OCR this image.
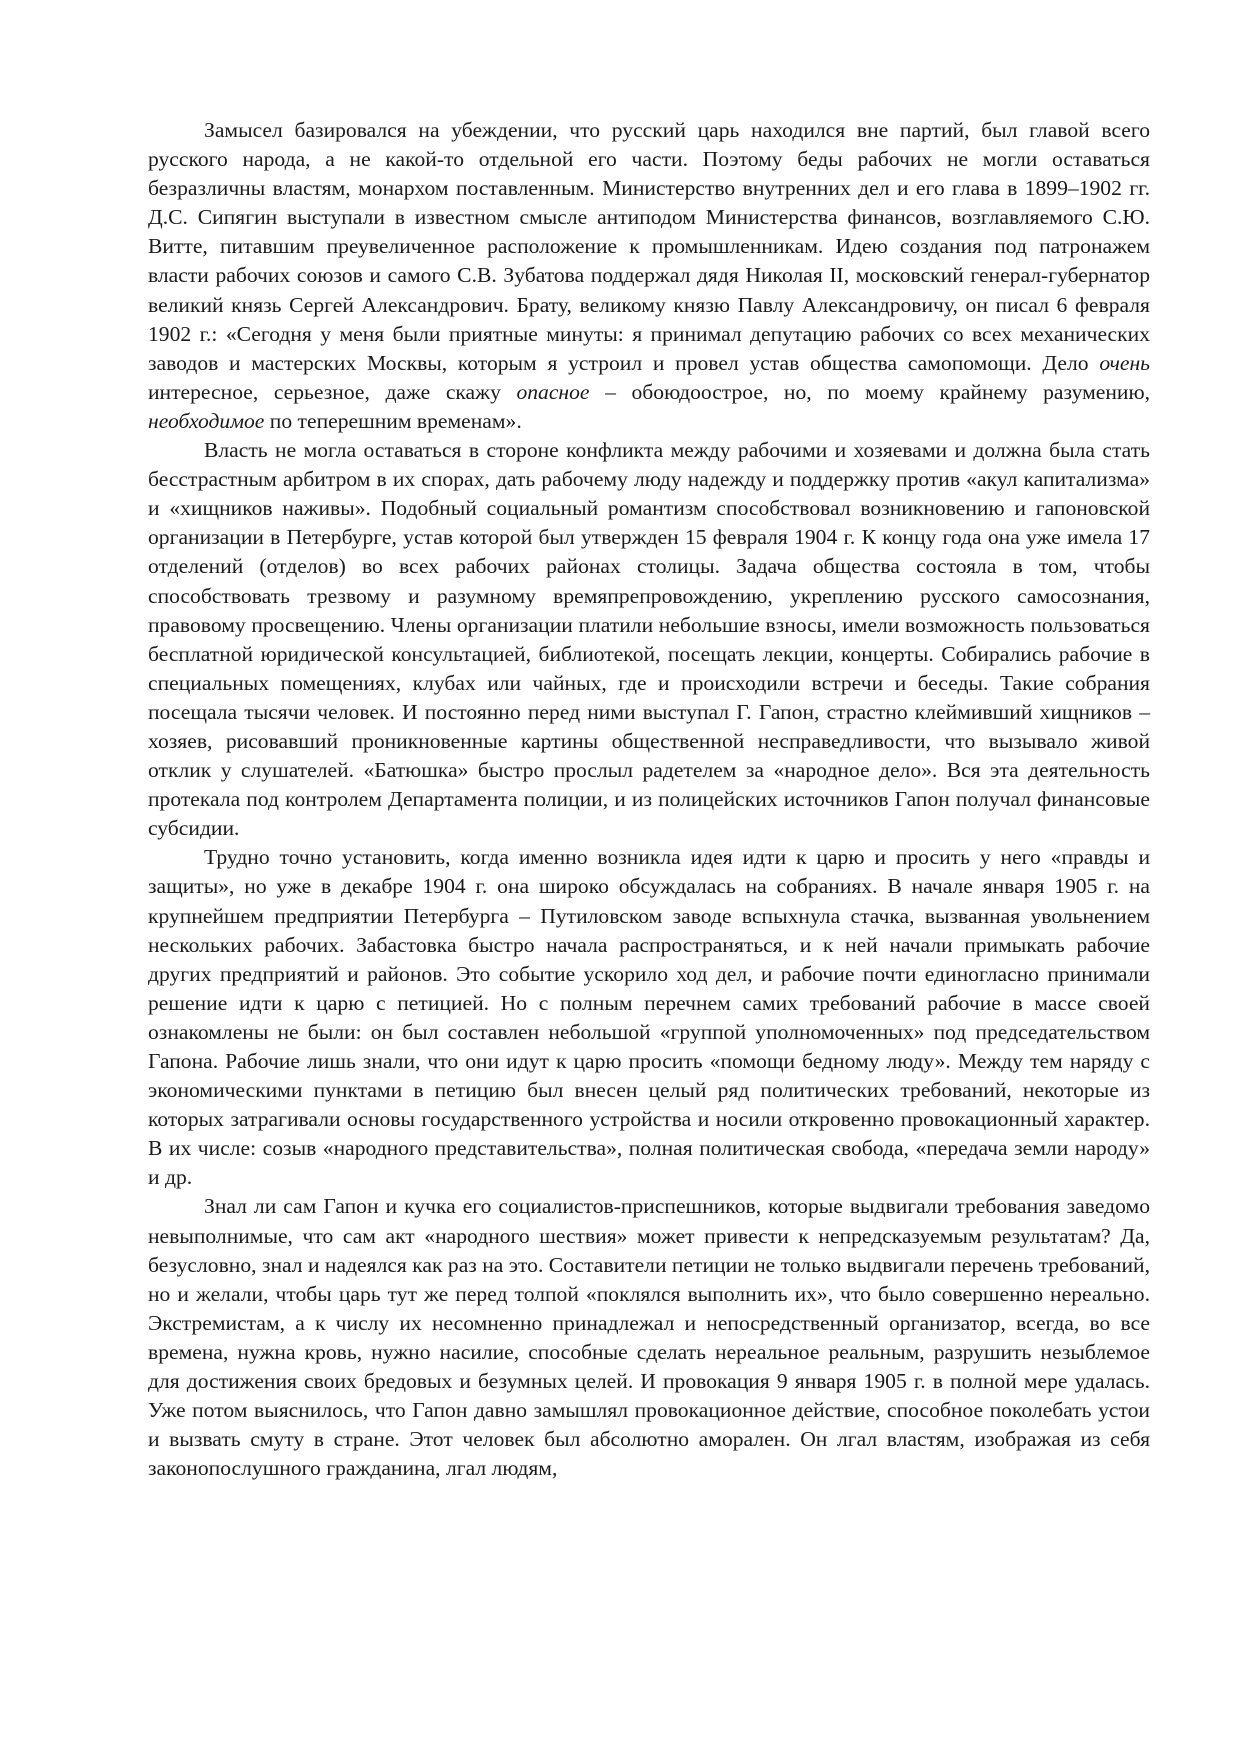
Замысел базировался на убеждении, что русский царь находился вне партий, был главой всего русского народа, а не какой-то отдельной его части. Поэтому беды рабочих не могли оставаться безразличны властям, монархом поставленным. Министерство внутренних дел и его глава в 1899–1902 гг. Д.С. Сипягин выступали в известном смысле антиподом Министерства финансов, возглавляемого С.Ю. Витте, питавшим преувеличенное расположение к промышленникам. Идею создания под патронажем власти рабочих союзов и самого С.В. Зубатова поддержал дядя Николая II, московский генерал-губернатор великий князь Сергей Александрович. Брату, великому князю Павлу Александровичу, он писал 6 февраля 1902 г.: «Сегодня у меня были приятные минуты: я принимал депутацию рабочих со всех механических заводов и мастерских Москвы, которым я устроил и провел устав общества самопомощи. Дело очень интересное, серьезное, даже скажу опасное – обоюдоострое, но, по моему крайнему разумению, необходимое по теперешним временам».

Власть не могла оставаться в стороне конфликта между рабочими и хозяевами и должна была стать бесстрастным арбитром в их спорах, дать рабочему люду надежду и поддержку против «акул капитализма» и «хищников наживы». Подобный социальный романтизм способствовал возникновению и гапоновской организации в Петербурге, устав которой был утвержден 15 февраля 1904 г. К концу года она уже имела 17 отделений (отделов) во всех рабочих районах столицы. Задача общества состояла в том, чтобы способствовать трезвому и разумному времяпрепровождению, укреплению русского самосознания, правовому просвещению. Члены организации платили небольшие взносы, имели возможность пользоваться бесплатной юридической консультацией, библиотекой, посещать лекции, концерты. Собирались рабочие в специальных помещениях, клубах или чайных, где и происходили встречи и беседы. Такие собрания посещала тысячи человек. И постоянно перед ними выступал Г. Гапон, страстно клеймивший хищников – хозяев, рисовавший проникновенные картины общественной несправедливости, что вызывало живой отклик у слушателей. «Батюшка» быстро прослыл радетелем за «народное дело». Вся эта деятельность протекала под контролем Департамента полиции, и из полицейских источников Гапон получал финансовые субсидии.

Трудно точно установить, когда именно возникла идея идти к царю и просить у него «правды и защиты», но уже в декабре 1904 г. она широко обсуждалась на собраниях. В начале января 1905 г. на крупнейшем предприятии Петербурга – Путиловском заводе вспыхнула стачка, вызванная увольнением нескольких рабочих. Забастовка быстро начала распространяться, и к ней начали примыкать рабочие других предприятий и районов. Это событие ускорило ход дел, и рабочие почти единогласно принимали решение идти к царю с петицией. Но с полным перечнем самих требований рабочие в массе своей ознакомлены не были: он был составлен небольшой «группой уполномоченных» под председательством Гапона. Рабочие лишь знали, что они идут к царю просить «помощи бедному люду». Между тем наряду с экономическими пунктами в петицию был внесен целый ряд политических требований, некоторые из которых затрагивали основы государственного устройства и носили откровенно провокационный характер. В их числе: созыв «народного представительства», полная политическая свобода, «передача земли народу» и др.

Знал ли сам Гапон и кучка его социалистов-приспешников, которые выдвигали требования заведомо невыполнимые, что сам акт «народного шествия» может привести к непредсказуемым результатам? Да, безусловно, знал и надеялся как раз на это. Составители петиции не только выдвигали перечень требований, но и желали, чтобы царь тут же перед толпой «поклялся выполнить их», что было совершенно нереально. Экстремистам, а к числу их несомненно принадлежал и непосредственный организатор, всегда, во все времена, нужна кровь, нужно насилие, способные сделать нереальное реальным, разрушить незыблемое для достижения своих бредовых и безумных целей. И провокация 9 января 1905 г. в полной мере удалась. Уже потом выяснилось, что Гапон давно замышлял провокационное действие, способное поколебать устои и вызвать смуту в стране. Этот человек был абсолютно аморален. Он лгал властям, изображая из себя законопослушного гражданина, лгал людям,
